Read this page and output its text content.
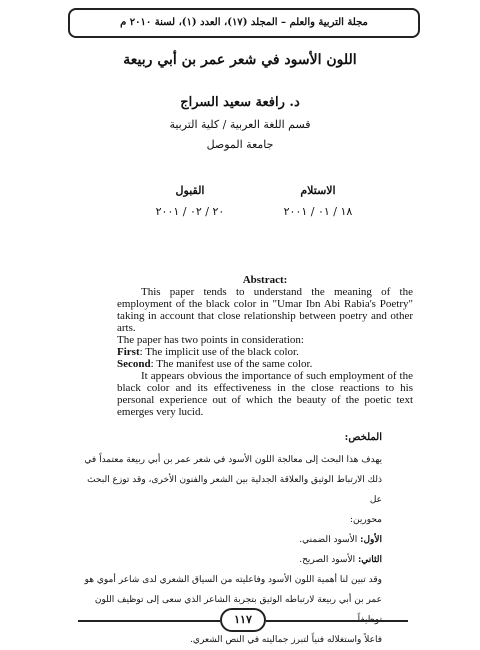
مجلة التربية والعلم – المجلد (١٧)، العدد (١)، لسنة ٢٠١٠ م
اللون الأسود في شعر عمر بن أبي ربيعة
د. رافعة سعيد السراج
قسم اللغة العربية / كلية التربية
جامعة الموصل
الاستلام
١٨ / ٠١ / ٢٠٠١
القبول
٢٠ / ٠٢ / ٢٠٠١

Abstract:

This paper tends to understand the meaning of the employment of the black color in "Umar Ibn Abi Rabia's Poetry" taking in account that close relationship between poetry and other arts.

The paper has two points in consideration:

First: The implicit use of the black color.

Second: The manifest use of the same color.

It appears obvious the importance of such employment of the black color and its effectiveness in the close reactions to his personal experience out of which the beauty of the poetic text emerges very lucid.

الملخص:

يهدف هذا البحث إلى معالجة اللون الأسود في شعر عمر بن أبي ربيعة معتمداً في

ذلك الارتباط الوثيق والعلاقة الجدلية بين الشعر والفنون الأخرى، وقد توزع البحث عل

محورين:

الأول: الأسود الضمني.

الثاني: الأسود الصريح.

وقد تبين لنا أهمية اللون الأسود وفاعليته من السياق الشعري لدى شاعر أموي هو

عمر بن أبي ربيعة لارتباطه الوثيق بتجربة الشاعر الذي سعى إلى توظيف اللون

فاعلاً واستغلاله فنياً لتبرز جماليته في النص الشعري.

١١٧
